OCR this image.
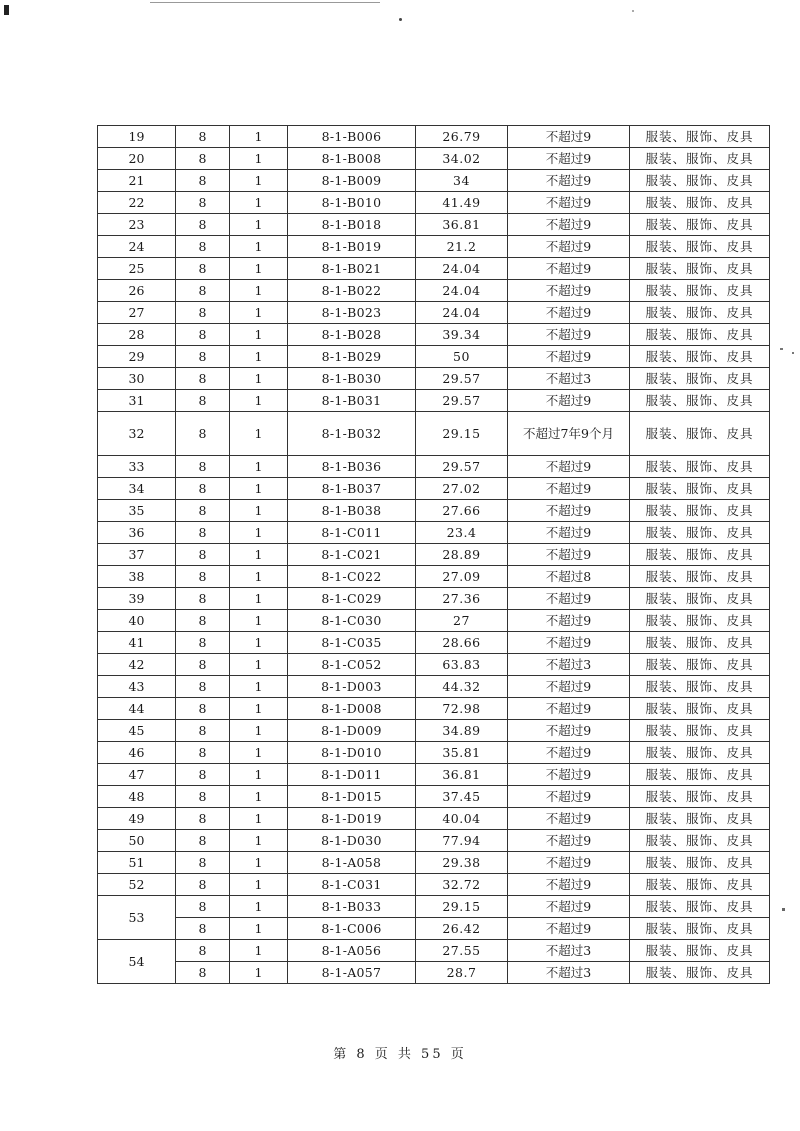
19	8	1	8-1-B006	26.79	不超过9	服装、服饰、皮具
20	8	1	8-1-B008	34.02	不超过9	服装、服饰、皮具
21	8	1	8-1-B009	34	不超过9	服装、服饰、皮具
22	8	1	8-1-B010	41.49	不超过9	服装、服饰、皮具
23	8	1	8-1-B018	36.81	不超过9	服装、服饰、皮具
24	8	1	8-1-B019	21.2	不超过9	服装、服饰、皮具
25	8	1	8-1-B021	24.04	不超过9	服装、服饰、皮具
26	8	1	8-1-B022	24.04	不超过9	服装、服饰、皮具
27	8	1	8-1-B023	24.04	不超过9	服装、服饰、皮具
28	8	1	8-1-B028	39.34	不超过9	服装、服饰、皮具
29	8	1	8-1-B029	50	不超过9	服装、服饰、皮具
30	8	1	8-1-B030	29.57	不超过3	服装、服饰、皮具
31	8	1	8-1-B031	29.57	不超过9	服装、服饰、皮具
32	8	1	8-1-B032	29.15	不超过7年9个月	服装、服饰、皮具
33	8	1	8-1-B036	29.57	不超过9	服装、服饰、皮具
34	8	1	8-1-B037	27.02	不超过9	服装、服饰、皮具
35	8	1	8-1-B038	27.66	不超过9	服装、服饰、皮具
36	8	1	8-1-C011	23.4	不超过9	服装、服饰、皮具
37	8	1	8-1-C021	28.89	不超过9	服装、服饰、皮具
38	8	1	8-1-C022	27.09	不超过8	服装、服饰、皮具
39	8	1	8-1-C029	27.36	不超过9	服装、服饰、皮具
40	8	1	8-1-C030	27	不超过9	服装、服饰、皮具
41	8	1	8-1-C035	28.66	不超过9	服装、服饰、皮具
42	8	1	8-1-C052	63.83	不超过3	服装、服饰、皮具
43	8	1	8-1-D003	44.32	不超过9	服装、服饰、皮具
44	8	1	8-1-D008	72.98	不超过9	服装、服饰、皮具
45	8	1	8-1-D009	34.89	不超过9	服装、服饰、皮具
46	8	1	8-1-D010	35.81	不超过9	服装、服饰、皮具
47	8	1	8-1-D011	36.81	不超过9	服装、服饰、皮具
48	8	1	8-1-D015	37.45	不超过9	服装、服饰、皮具
49	8	1	8-1-D019	40.04	不超过9	服装、服饰、皮具
50	8	1	8-1-D030	77.94	不超过9	服装、服饰、皮具
51	8	1	8-1-A058	29.38	不超过9	服装、服饰、皮具
52	8	1	8-1-C031	32.72	不超过9	服装、服饰、皮具
53	8	1	8-1-B033	29.15	不超过9	服装、服饰、皮具
	8	1	8-1-C006	26.42	不超过9	服装、服饰、皮具
54	8	1	8-1-A056	27.55	不超过3	服装、服饰、皮具
	8	1	8-1-A057	28.7	不超过3	服装、服饰、皮具
第 8 页 共 55 页
